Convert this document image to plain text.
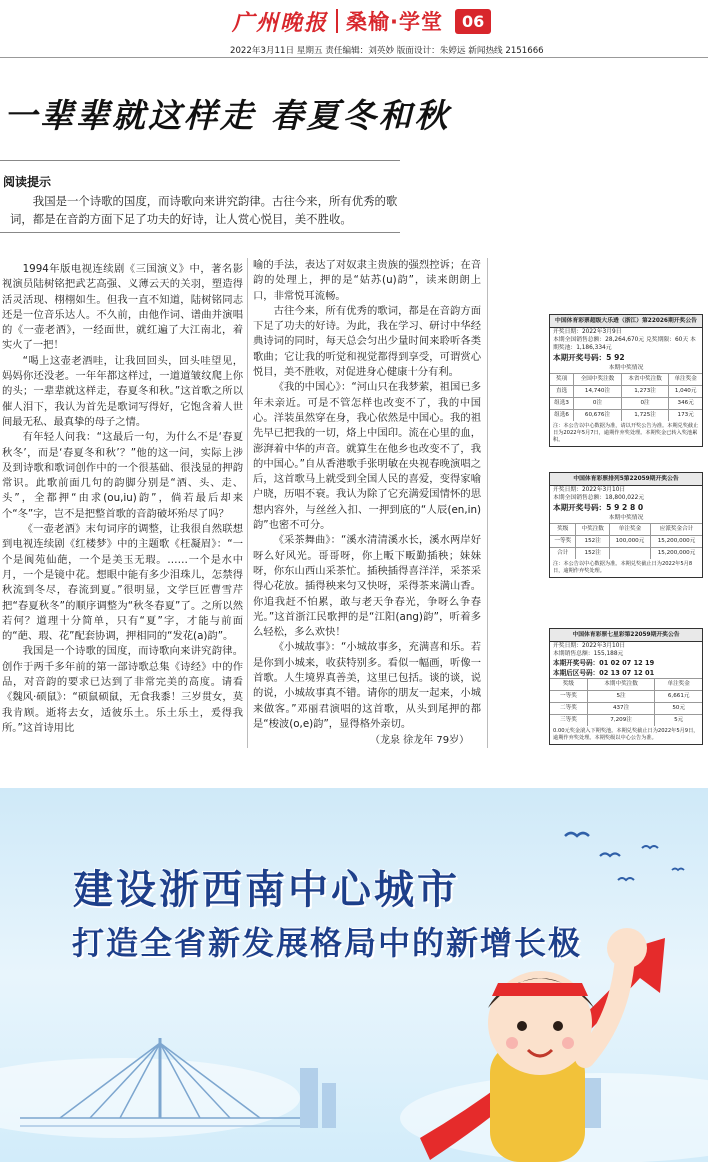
广州晚报 桑榆·学堂	06
2022年3月11日 星期五 责任编辑：刘英妙 版面设计：朱婷远 新闻热线 2151666
一辈辈就这样走 春夏冬和秋
阅读提示
我国是一个诗歌的国度，而诗歌向来讲究韵律。古往今来，所有优秀的歌词，都是在音韵方面下足了功夫的好诗，让人赏心悦目，美不胜收。

1994年版电视连续剧《三国演义》中，著名影视演员陆树铭把武艺高强、义薄云天的关羽，塑造得活灵活现、栩栩如生。但我一直不知道，陆树铭同志还是一位音乐达人。不久前，由他作词、谱曲并演唱的《一壶老酒》，一经面世，就红遍了大江南北，着实火了一把！

“喝上这壶老酒哇，让我回回头，回头哇望见，妈妈你还没老。一年年都这样过，一道道皱纹爬上你的头；一辈辈就这样走，春夏冬和秋。”这首歌之所以催人泪下，我认为首先是歌词写得好，它饱含着人世间最无私、最真挚的母子之情。

有年轻人问我：“这最后一句，为什么不是‘春夏秋冬’，而是‘春夏冬和秋’？”他的这一问，实际上涉及到诗歌和歌词创作中的一个很基础、很浅显的押韵常识。此歌前面几句的韵脚分别是“酒、头、走、头”，全都押“由求(ou,iu)韵”，倘若最后却来个“冬”字，岂不是把整首歌的音韵破坏殆尽了吗？

《一壶老酒》末句词序的调整，让我很自然联想到电视连续剧《红楼梦》中的主题歌《枉凝眉》：“一个是阆苑仙葩，一个是美玉无瑕。……一个是水中月，一个是镜中花。想眼中能有多少泪珠儿，怎禁得秋流到冬尽，春流到夏。”很明显，文学巨匠曹雪芹把“春夏秋冬”的顺序调整为“秋冬春夏”了。之所以然若何？道理十分简单，只有“夏”字，才能与前面的“葩、瑕、花”配套协调，押相同的“发花(a)韵”。

我国是一个诗歌的国度，而诗歌向来讲究韵律。创作于两千多年前的第一部诗歌总集《诗经》中的作品，对音韵的要求已达到了非常完美的高度。请看《魏风·硕鼠》：“硕鼠硕鼠，无食我黍！三岁贯女，莫我肯顾。逝将去女，适彼乐土。乐土乐土，爰得我所。”这首诗用比

喻的手法，表达了对奴隶主贵族的强烈控诉；在音韵的处理上，押的是“姑苏(u)韵”，读来朗朗上口，非常悦耳流畅。

古往今来，所有优秀的歌词，都是在音韵方面下足了功夫的好诗。为此，我在学习、研讨中华经典诗词的同时，每天总会匀出少量时间来聆听各类歌曲；它让我的听觉和视觉都得到享受，可谓赏心悦目，美不胜收，对促进身心健康十分有利。

《我的中国心》：“河山只在我梦萦，祖国已多年未亲近。可是不管怎样也改变不了，我的中国心。洋装虽然穿在身，我心依然是中国心。我的祖先早已把我的一切，烙上中国印。流在心里的血，澎湃着中华的声音。就算生在他乡也改变不了，我的中国心。”自从香港歌手张明敏在央视春晚演唱之后，这首歌马上就受到全国人民的喜爱，变得家喻户晓，历唱不衰。我认为除了它充满爱国情怀的思想内容外，与丝丝入扣、一押到底的“人辰(en,in)韵”也密不可分。

《采茶舞曲》：“溪水清清溪水长，溪水两岸好呀么好风光。哥哥呀，你上畈下畈勤插秧；妹妹呀，你东山西山采茶忙。插秧插得喜洋洋，采茶采得心花放。插得秧来匀又快呀，采得茶来满山香。你追我赶不怕累，敢与老天争春光，争呀么争春光。”这首浙江民歌押的是“江阳(ang)韵”，听着多么轻松，多么欢快！

《小城故事》：“小城故事多，充满喜和乐。若是你到小城来，收获特别多。看似一幅画，听像一首歌。人生境界真善美，这里已包括。谈的谈，说的说，小城故事真不错。请你的朋友一起来，小城来做客。”邓丽君演唱的这首歌，从头到尾押的都是“梭波(o,e)韵”，显得格外亲切。

（龙泉 徐龙年 79岁）
中国体育彩票超级大乐透（浙江）第22026期开奖公告
开奖日期：2022年3月9日
本期全国销售总额：28,264,670元 兑奖期限：60天 本期奖池：1,186,334元
本期开奖号码：5 92
本期中奖情况
奖项	全国中奖注数	本省中奖注数	单注奖金
直选	14,740注	1,273注	1,040元
组选3	0注	0注	346元
组选6	60,676注	1,725注	173元
注：本公告以中心数据为准，请以开奖公告为准。本期兑奖截止日为2022年5月7日，逾期作弃奖处理。本期奖金已转入奖池累积。
中国体育彩票排列5第22059期开奖公告
开奖日期：2022年3月10日
本期全国销售总额：18,800,022元
本期开奖号码：5 9 2 8 0
本期中奖情况
奖级	中奖注数	单注奖金	应派奖金合计
一等奖	152注	100,000元	15,200,000元
合计	152注		15,200,000元
注：本公告以中心数据为准。本期兑奖截止日为2022年5月8日，逾期作弃奖处理。
中国体育彩票七星彩第22059期开奖公告
开奖日期：2022年3月10日
本期销售总额：155,188元
本期开奖号码：01 02 07 12 19
本期后区号码：02 13 07 12 01
奖级	本期中奖注数	单注奖金
一等奖	5注	6,661元
二等奖	437注	50元
三等奖	7,209注	5元
0.00元奖金滚入下期奖池。本期兑奖截止日为2022年5月9日，逾期作弃奖处理。本期奖级以中心公告为准。
建设浙西南中心城市
打造全省新发展格局中的新增长极
